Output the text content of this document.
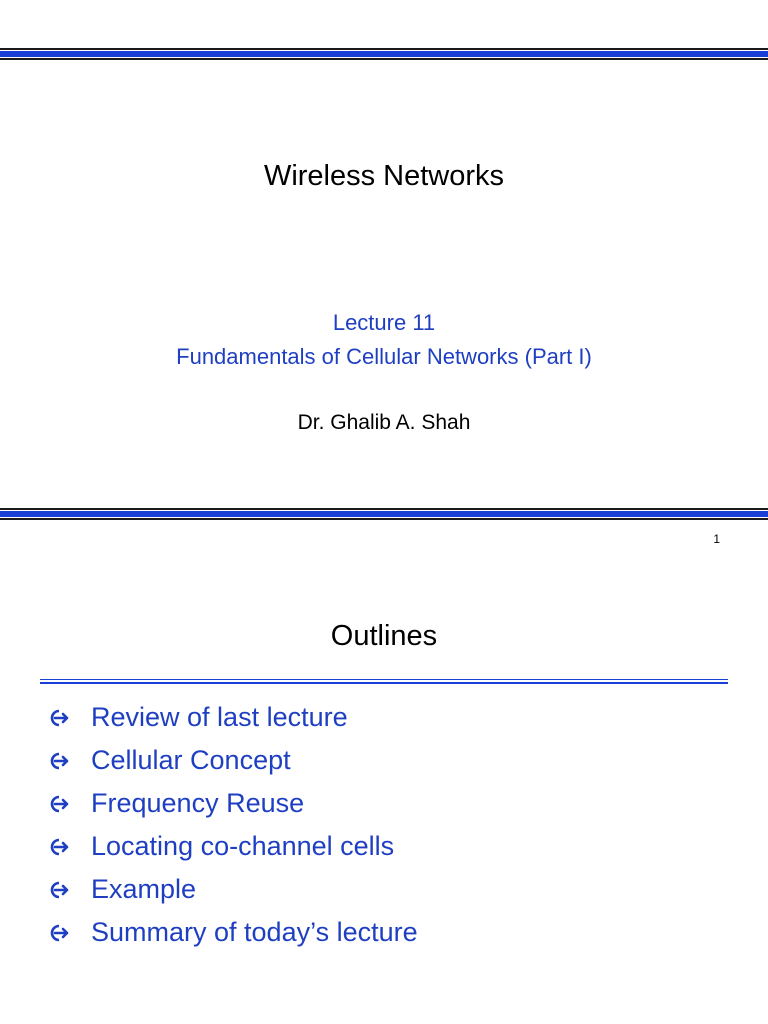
Wireless Networks
Lecture 11
Fundamentals of Cellular Networks (Part I)
Dr. Ghalib A. Shah
1
Outlines
Review of last lecture
Cellular Concept
Frequency Reuse
Locating co-channel cells
Example
Summary of today’s lecture
